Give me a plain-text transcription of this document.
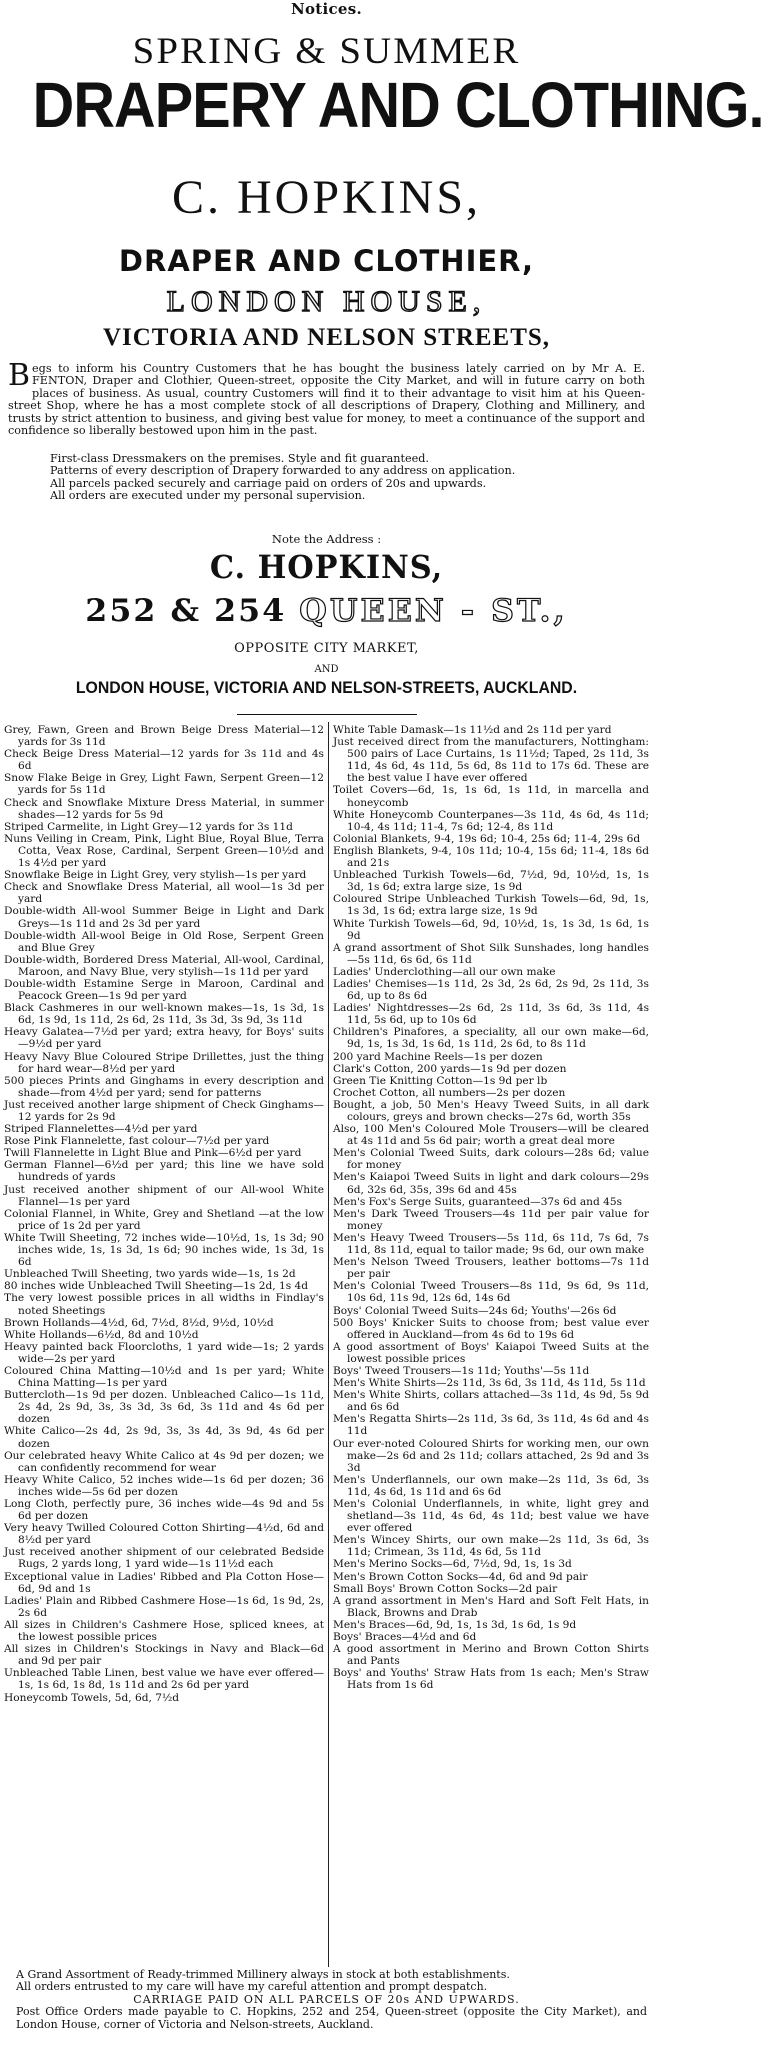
Notices.
SPRING & SUMMER
DRAPERY AND CLOTHING.
C. HOPKINS,
DRAPER AND CLOTHIER,
LONDON HOUSE,
VICTORIA AND NELSON STREETS,
Begs to inform his Country Customers that he has bought the business lately carried on by Mr A. E. FENTON, Draper and Clothier, Queen-street, opposite the City Market, and will in future carry on both places of business. As usual, country Customers will find it to their advantage to visit him at his Queen-street Shop, where he has a most complete stock of all descriptions of Drapery, Clothing and Millinery, and trusts by strict attention to business, and giving best value for money, to meet a continuance of the support and confidence so liberally bestowed upon him in the past.
First-class Dressmakers on the premises. Style and fit guaranteed.
Patterns of every description of Drapery forwarded to any address on application.
All parcels packed securely and carriage paid on orders of 20s and upwards.
All orders are executed under my personal supervision.
Note the Address :
C. HOPKINS,
252 & 254 QUEEN - ST.,
OPPOSITE CITY MARKET,
AND
LONDON HOUSE, VICTORIA AND NELSON-STREETS, AUCKLAND.

Grey, Fawn, Green and Brown Beige Dress Material—12 yards for 3s 11d

Check Beige Dress Material—12 yards for 3s 11d and 4s 6d

Snow Flake Beige in Grey, Light Fawn, Serpent Green—12 yards for 5s 11d

Check and Snowflake Mixture Dress Material, in summer shades—12 yards for 5s 9d

Striped Carmelite, in Light Grey—12 yards for 3s 11d

Nuns Veiling in Cream, Pink, Light Blue, Royal Blue, Terra Cotta, Veax Rose, Cardinal, Serpent Green—10½d and 1s 4½d per yard

Snowflake Beige in Light Grey, very stylish—1s per yard

Check and Snowflake Dress Material, all wool—1s 3d per yard

Double-width All-wool Summer Beige in Light and Dark Greys—1s 11d and 2s 3d per yard

Double-width All-wool Beige in Old Rose, Serpent Green and Blue Grey

Double-width, Bordered Dress Material, All-wool, Cardinal, Maroon, and Navy Blue, very stylish—1s 11d per yard

Double-width Estamine Serge in Maroon, Cardinal and Peacock Green—1s 9d per yard

Black Cashmeres in our well-known makes—1s, 1s 3d, 1s 6d, 1s 9d, 1s 11d, 2s 6d, 2s 11d, 3s 3d, 3s 9d, 3s 11d

Heavy Galatea—7½d per yard; extra heavy, for Boys' suits—9½d per yard

Heavy Navy Blue Coloured Stripe Drillettes, just the thing for hard wear—8½d per yard

500 pieces Prints and Ginghams in every description and shade—from 4½d per yard; send for patterns

Just received another large shipment of Check Ginghams—12 yards for 2s 9d

Striped Flannelettes—4½d per yard

Rose Pink Flannelette, fast colour—7½d per yard

Twill Flannelette in Light Blue and Pink—6½d per yard

German Flannel—6½d per yard; this line we have sold hundreds of yards

Just received another shipment of our All-wool White Flannel—1s per yard

Colonial Flannel, in White, Grey and Shetland —at the low price of 1s 2d per yard

White Twill Sheeting, 72 inches wide—10½d, 1s, 1s 3d; 90 inches wide, 1s, 1s 3d, 1s 6d; 90 inches wide, 1s 3d, 1s 6d

Unbleached Twill Sheeting, two yards wide—1s, 1s 2d

80 inches wide Unbleached Twill Sheeting—1s 2d, 1s 4d

The very lowest possible prices in all widths in Findlay's noted Sheetings

Brown Hollands—4½d, 6d, 7½d, 8½d, 9½d, 10½d

White Hollands—6½d, 8d and 10½d

Heavy painted back Floorcloths, 1 yard wide—1s; 2 yards wide—2s per yard

Coloured China Matting—10½d and 1s per yard; White China Matting—1s per yard

Buttercloth—1s 9d per dozen. Unbleached Calico—1s 11d, 2s 4d, 2s 9d, 3s, 3s 3d, 3s 6d, 3s 11d and 4s 6d per dozen

White Calico—2s 4d, 2s 9d, 3s, 3s 4d, 3s 9d, 4s 6d per dozen

Our celebrated heavy White Calico at 4s 9d per dozen; we can confidently recommend for wear

Heavy White Calico, 52 inches wide—1s 6d per dozen; 36 inches wide—5s 6d per dozen

Long Cloth, perfectly pure, 36 inches wide—4s 9d and 5s 6d per dozen

Very heavy Twilled Coloured Cotton Shirting—4½d, 6d and 8½d per yard

Just received another shipment of our celebrated Bedside Rugs, 2 yards long, 1 yard wide—1s 11½d each

Exceptional value in Ladies' Ribbed and Pla Cotton Hose—6d, 9d and 1s

Ladies' Plain and Ribbed Cashmere Hose—1s 6d, 1s 9d, 2s, 2s 6d

All sizes in Children's Cashmere Hose, spliced knees, at the lowest possible prices

All sizes in Children's Stockings in Navy and Black—6d and 9d per pair

Unbleached Table Linen, best value we have ever offered—1s, 1s 6d, 1s 8d, 1s 11d and 2s 6d per yard

Honeycomb Towels, 5d, 6d, 7½d

White Table Damask—1s 11½d and 2s 11d per yard

Just received direct from the manufacturers, Nottingham: 500 pairs of Lace Curtains, 1s 11½d; Taped, 2s 11d, 3s 11d, 4s 6d, 4s 11d, 5s 6d, 8s 11d to 17s 6d. These are the best value I have ever offered

Toilet Covers—6d, 1s, 1s 6d, 1s 11d, in marcella and honeycomb

White Honeycomb Counterpanes—3s 11d, 4s 6d, 4s 11d; 10-4, 4s 11d; 11-4, 7s 6d; 12-4, 8s 11d

Colonial Blankets, 9-4, 19s 6d; 10-4, 25s 6d; 11-4, 29s 6d

English Blankets, 9-4, 10s 11d; 10-4, 15s 6d; 11-4, 18s 6d and 21s

Unbleached Turkish Towels—6d, 7½d, 9d, 10½d, 1s, 1s 3d, 1s 6d; extra large size, 1s 9d

Coloured Stripe Unbleached Turkish Towels—6d, 9d, 1s, 1s 3d, 1s 6d; extra large size, 1s 9d

White Turkish Towels—6d, 9d, 10½d, 1s, 1s 3d, 1s 6d, 1s 9d

A grand assortment of Shot Silk Sunshades, long handles—5s 11d, 6s 6d, 6s 11d

Ladies' Underclothing—all our own make

Ladies' Chemises—1s 11d, 2s 3d, 2s 6d, 2s 9d, 2s 11d, 3s 6d, up to 8s 6d

Ladies' Nightdresses—2s 6d, 2s 11d, 3s 6d, 3s 11d, 4s 11d, 5s 6d, up to 10s 6d

Children's Pinafores, a speciality, all our own make—6d, 9d, 1s, 1s 3d, 1s 6d, 1s 11d, 2s 6d, to 8s 11d

200 yard Machine Reels—1s per dozen

Clark's Cotton, 200 yards—1s 9d per dozen

Green Tie Knitting Cotton—1s 9d per lb

Crochet Cotton, all numbers—2s per dozen

Bought, a job, 50 Men's Heavy Tweed Suits, in all dark colours, greys and brown checks—27s 6d, worth 35s

Also, 100 Men's Coloured Mole Trousers—will be cleared at 4s 11d and 5s 6d pair; worth a great deal more

Men's Colonial Tweed Suits, dark colours—28s 6d; value for money

Men's Kaiapoi Tweed Suits in light and dark colours—29s 6d, 32s 6d, 35s, 39s 6d and 45s

Men's Fox's Serge Suits, guaranteed—37s 6d and 45s

Men's Dark Tweed Trousers—4s 11d per pair value for money

Men's Heavy Tweed Trousers—5s 11d, 6s 11d, 7s 6d, 7s 11d, 8s 11d, equal to tailor made; 9s 6d, our own make

Men's Nelson Tweed Trousers, leather bottoms—7s 11d per pair

Men's Colonial Tweed Trousers—8s 11d, 9s 6d, 9s 11d, 10s 6d, 11s 9d, 12s 6d, 14s 6d

Boys' Colonial Tweed Suits—24s 6d; Youths'—26s 6d

500 Boys' Knicker Suits to choose from; best value ever offered in Auckland—from 4s 6d to 19s 6d

A good assortment of Boys' Kaiapoi Tweed Suits at the lowest possible prices

Boys' Tweed Trousers—1s 11d; Youths'—5s 11d

Men's White Shirts—2s 11d, 3s 6d, 3s 11d, 4s 11d, 5s 11d

Men's White Shirts, collars attached—3s 11d, 4s 9d, 5s 9d and 6s 6d

Men's Regatta Shirts—2s 11d, 3s 6d, 3s 11d, 4s 6d and 4s 11d

Our ever-noted Coloured Shirts for working men, our own make—2s 6d and 2s 11d; collars attached, 2s 9d and 3s 3d

Men's Underflannels, our own make—2s 11d, 3s 6d, 3s 11d, 4s 6d, 1s 11d and 6s 6d

Men's Colonial Underflannels, in white, light grey and shetland—3s 11d, 4s 6d, 4s 11d; best value we have ever offered

Men's Wincey Shirts, our own make—2s 11d, 3s 6d, 3s 11d; Crimean, 3s 11d, 4s 6d, 5s 11d

Men's Merino Socks—6d, 7½d, 9d, 1s, 1s 3d

Men's Brown Cotton Socks—4d, 6d and 9d pair

Small Boys' Brown Cotton Socks—2d pair

A grand assortment in Men's Hard and Soft Felt Hats, in Black, Browns and Drab

Men's Braces—6d, 9d, 1s, 1s 3d, 1s 6d, 1s 9d

Boys' Braces—4½d and 6d

A good assortment in Merino and Brown Cotton Shirts and Pants

Boys' and Youths' Straw Hats from 1s each; Men's Straw Hats from 1s 6d

A Grand Assortment of Ready-trimmed Millinery always in stock at both establishments.
All orders entrusted to my care will have my careful attention and prompt despatch.
CARRIAGE PAID ON ALL PARCELS OF 20s AND UPWARDS.
Post Office Orders made payable to C. Hopkins, 252 and 254, Queen-street (opposite the City Market), and London House, corner of Victoria and Nelson-streets, Auckland.
